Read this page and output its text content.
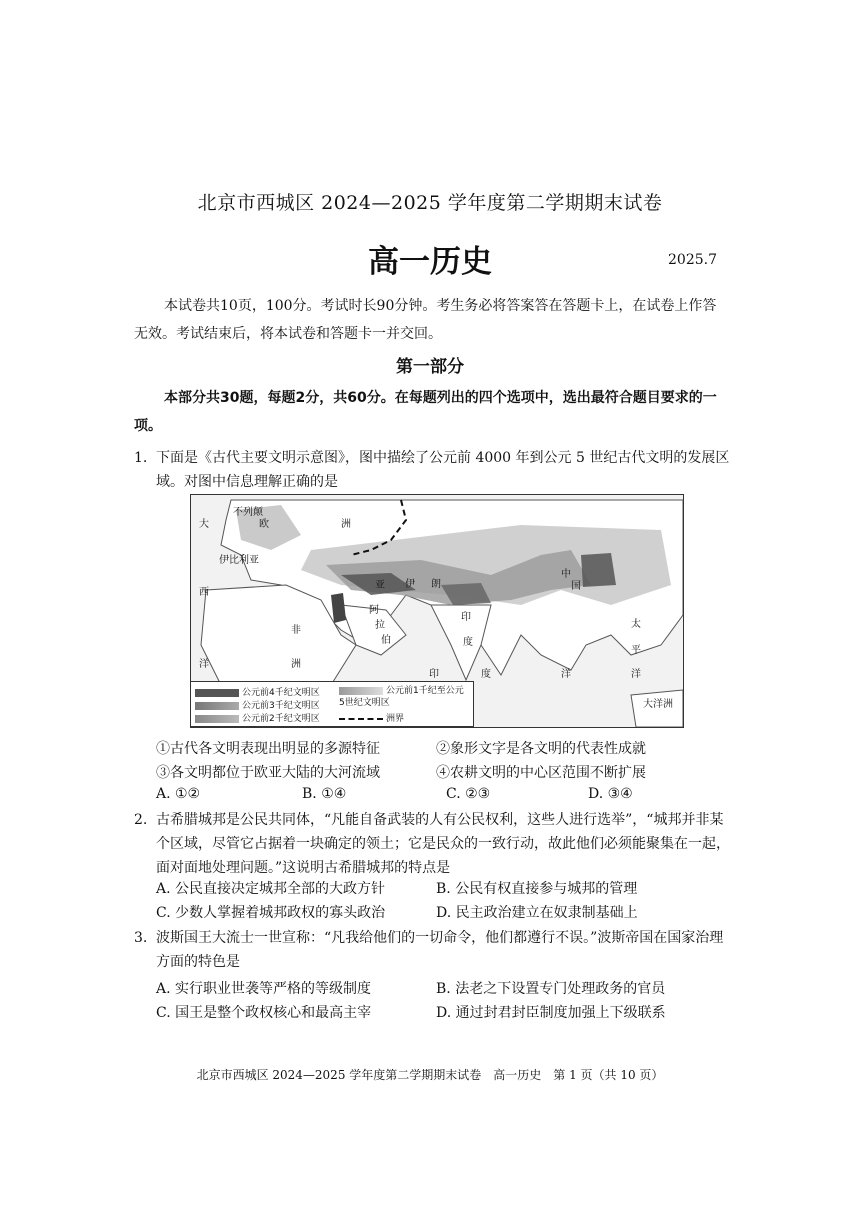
北京市西城区 2024—2025 学年度第二学期期末试卷
高一历史	2025.7
本试卷共10页，100分。考试时长90分钟。考生务必将答案答在答题卡上，在试卷上作答无效。考试结束后，将本试卷和答题卡一并交回。
第一部分
本部分共30题，每题2分，共60分。在每题列出的四个选项中，选出最符合题目要求的一项。
1. 下面是《古代主要文明示意图》，图中描绘了公元前 4000 年到公元 5 世纪古代文明的发展区域。对图中信息理解正确的是
大
西
洋
欧	洲
非
洲
亚 伊 朗
阿
拉
伯
印
度
中
国
太
平
洋
印	度	洋
大洋洲
伊比利亚
不列颠
公元前4千纪文明区
公元前3千纪文明区
公元前2千纪文明区
公元前1千纪至公元5世纪文明区
洲界
①古代各文明表现出明显的多源特征	②象形文字是各文明的代表性成就
③各文明都位于欧亚大陆的大河流域	④农耕文明的中心区范围不断扩展
A. ①②	B. ①④	C. ②③	D. ③④
2. 古希腊城邦是公民共同体，“凡能自备武装的人有公民权利，这些人进行选举”，“城邦并非某个区域，尽管它占据着一块确定的领土；它是民众的一致行动，故此他们必须能聚集在一起，面对面地处理问题。”这说明古希腊城邦的特点是
A. 公民直接决定城邦全部的大政方针	B. 公民有权直接参与城邦的管理
C. 少数人掌握着城邦政权的寡头政治	D. 民主政治建立在奴隶制基础上
3. 波斯国王大流士一世宣称：“凡我给他们的一切命令，他们都遵行不误。”波斯帝国在国家治理方面的特色是
A. 实行职业世袭等严格的等级制度	B. 法老之下设置专门处理政务的官员
C. 国王是整个政权核心和最高主宰	D. 通过封君封臣制度加强上下级联系
北京市西城区 2024—2025 学年度第二学期期末试卷　高一历史　第 1 页（共 10 页）
